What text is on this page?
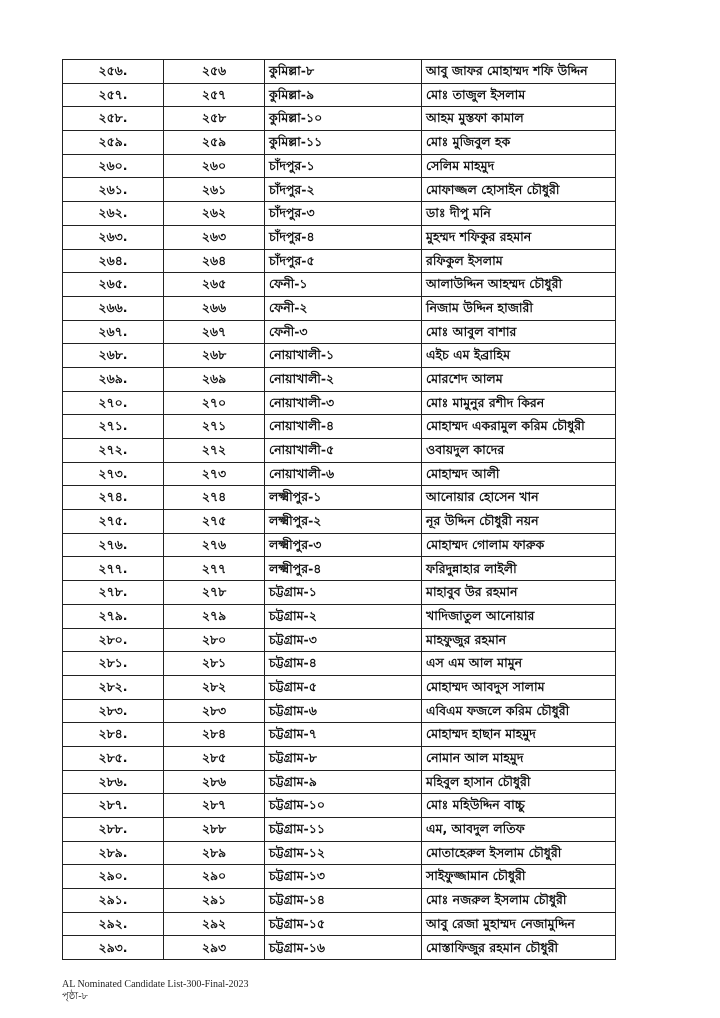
২৫৬.	২৫৬	কুমিল্লা-৮	আবু জাফর মোহাম্মদ শফি উদ্দিন
২৫৭.	২৫৭	কুমিল্লা-৯	মোঃ তাজুল ইসলাম
২৫৮.	২৫৮	কুমিল্লা-১০	আহম মুস্তফা কামাল
২৫৯.	২৫৯	কুমিল্লা-১১	মোঃ মুজিবুল হক
২৬০.	২৬০	চাঁদপুর-১	সেলিম মাহমুদ
২৬১.	২৬১	চাঁদপুর-২	মোফাজ্জল হোসাইন চৌধুরী
২৬২.	২৬২	চাঁদপুর-৩	ডাঃ দীপু মনি
২৬৩.	২৬৩	চাঁদপুর-৪	মুহম্মদ শফিকুর রহমান
২৬৪.	২৬৪	চাঁদপুর-৫	রফিকুল ইসলাম
২৬৫.	২৬৫	ফেনী-১	আলাউদ্দিন আহম্মদ চৌধুরী
২৬৬.	২৬৬	ফেনী-২	নিজাম উদ্দিন হাজারী
২৬৭.	২৬৭	ফেনী-৩	মোঃ আবুল বাশার
২৬৮.	২৬৮	নোয়াখালী-১	এইচ এম ইব্রাহিম
২৬৯.	২৬৯	নোয়াখালী-২	মোরশেদ আলম
২৭০.	২৭০	নোয়াখালী-৩	মোঃ মামুনুর রশীদ কিরন
২৭১.	২৭১	নোয়াখালী-৪	মোহাম্মদ একরামুল করিম চৌধুরী
২৭২.	২৭২	নোয়াখালী-৫	ওবায়দুল কাদের
২৭৩.	২৭৩	নোয়াখালী-৬	মোহাম্মদ আলী
২৭৪.	২৭৪	লক্ষ্মীপুর-১	আনোয়ার হোসেন খান
২৭৫.	২৭৫	লক্ষ্মীপুর-২	নূর উদ্দিন চৌধুরী নয়ন
২৭৬.	২৭৬	লক্ষ্মীপুর-৩	মোহাম্মদ গোলাম ফারুক
২৭৭.	২৭৭	লক্ষ্মীপুর-৪	ফরিদুন্নাহার লাইলী
২৭৮.	২৭৮	চট্টগ্রাম-১	মাহাবুব উর রহমান
২৭৯.	২৭৯	চট্টগ্রাম-২	খাদিজাতুল আনোয়ার
২৮০.	২৮০	চট্টগ্রাম-৩	মাহফুজুর রহমান
২৮১.	২৮১	চট্টগ্রাম-৪	এস এম আল মামুন
২৮২.	২৮২	চট্টগ্রাম-৫	মোহাম্মদ আবদুস সালাম
২৮৩.	২৮৩	চট্টগ্রাম-৬	এবিএম ফজলে করিম চৌধুরী
২৮৪.	২৮৪	চট্টগ্রাম-৭	মোহাম্মদ হাছান মাহমুদ
২৮৫.	২৮৫	চট্টগ্রাম-৮	নোমান আল মাহমুদ
২৮৬.	২৮৬	চট্টগ্রাম-৯	মহিবুল হাসান চৌধুরী
২৮৭.	২৮৭	চট্টগ্রাম-১০	মোঃ মহিউদ্দিন বাচ্চু
২৮৮.	২৮৮	চট্টগ্রাম-১১	এম, আবদুল লতিফ
২৮৯.	২৮৯	চট্টগ্রাম-১২	মোতাহেরুল ইসলাম চৌধুরী
২৯০.	২৯০	চট্টগ্রাম-১৩	সাইফুজ্জামান চৌধুরী
২৯১.	২৯১	চট্টগ্রাম-১৪	মোঃ নজরুল ইসলাম চৌধুরী
২৯২.	২৯২	চট্টগ্রাম-১৫	আবু রেজা মুহাম্মদ নেজামুদ্দিন
২৯৩.	২৯৩	চট্টগ্রাম-১৬	মোস্তাফিজুর রহমান চৌধুরী
AL Nominated Candidate List-300-Final-2023
পৃষ্ঠা-৮
